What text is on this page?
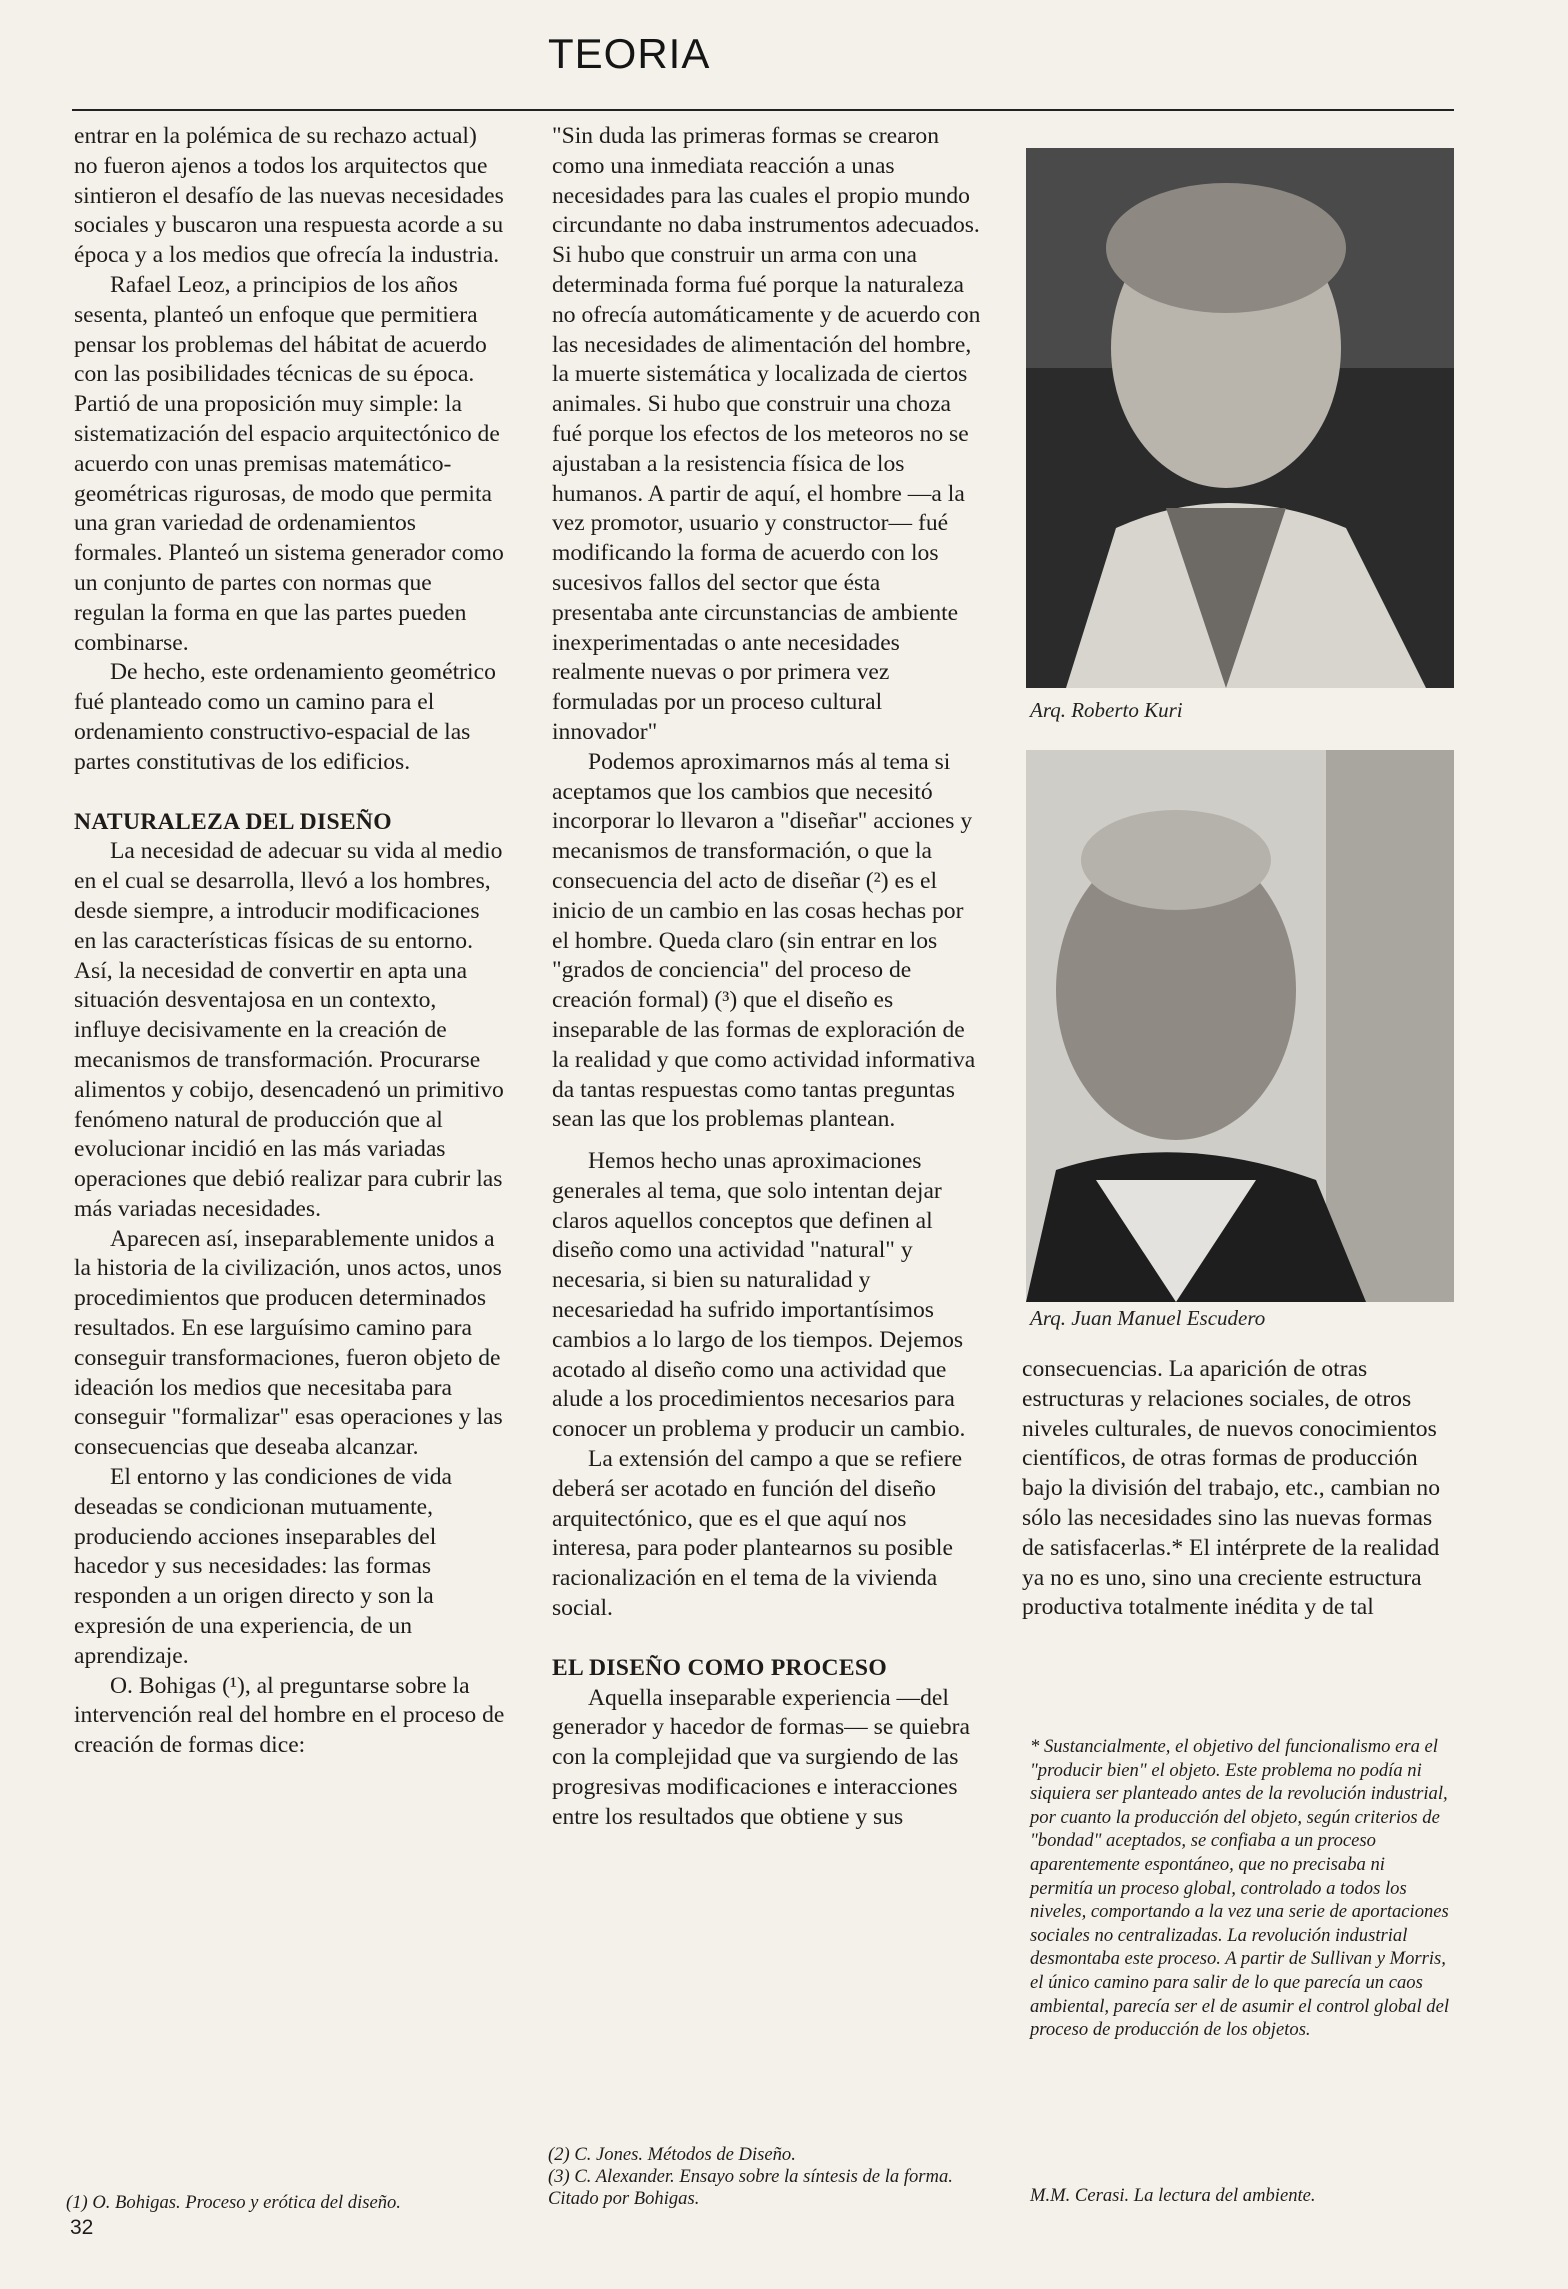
TEORIA

entrar en la polémica de su rechazo actual) no fueron ajenos a todos los arquitectos que sintieron el desafío de las nuevas necesidades sociales y buscaron una respuesta acorde a su época y a los medios que ofrecía la industria.

Rafael Leoz, a principios de los años sesenta, planteó un enfoque que permitiera pensar los problemas del hábitat de acuerdo con las posibilidades técnicas de su época. Partió de una proposición muy simple: la sistematización del espacio arquitectónico de acuerdo con unas premisas matemático-geométricas rigurosas, de modo que permita una gran variedad de ordenamientos formales. Planteó un sistema generador como un conjunto de partes con normas que regulan la forma en que las partes pueden combinarse.

De hecho, este ordenamiento geométrico fué planteado como un camino para el ordenamiento constructivo-espacial de las partes constitutivas de los edificios.

NATURALEZA DEL DISEÑO

La necesidad de adecuar su vida al medio en el cual se desarrolla, llevó a los hombres, desde siempre, a introducir modificaciones en las características físicas de su entorno. Así, la necesidad de convertir en apta una situación desventajosa en un contexto, influye decisivamente en la creación de mecanismos de transformación. Procurarse alimentos y cobijo, desencadenó un primitivo fenómeno natural de producción que al evolucionar incidió en las más variadas operaciones que debió realizar para cubrir las más variadas necesidades.

Aparecen así, inseparablemente unidos a la historia de la civilización, unos actos, unos procedimientos que producen determinados resultados. En ese larguísimo camino para conseguir transformaciones, fueron objeto de ideación los medios que necesitaba para conseguir "formalizar" esas operaciones y las consecuencias que deseaba alcanzar.

El entorno y las condiciones de vida deseadas se condicionan mutuamente, produciendo acciones inseparables del hacedor y sus necesidades: las formas responden a un origen directo y son la expresión de una experiencia, de un aprendizaje.

O. Bohigas (¹), al preguntarse sobre la intervención real del hombre en el proceso de creación de formas dice:

"Sin duda las primeras formas se crearon como una inmediata reacción a unas necesidades para las cuales el propio mundo circundante no daba instrumentos adecuados. Si hubo que construir un arma con una determinada forma fué porque la naturaleza no ofrecía automáticamente y de acuerdo con las necesidades de alimentación del hombre, la muerte sistemática y localizada de ciertos animales. Si hubo que construir una choza fué porque los efectos de los meteoros no se ajustaban a la resistencia física de los humanos. A partir de aquí, el hombre —a la vez promotor, usuario y constructor— fué modificando la forma de acuerdo con los sucesivos fallos del sector que ésta presentaba ante circunstancias de ambiente inexperimentadas o ante necesidades realmente nuevas o por primera vez formuladas por un proceso cultural innovador"

Podemos aproximarnos más al tema si aceptamos que los cambios que necesitó incorporar lo llevaron a "diseñar" acciones y mecanismos de transformación, o que la consecuencia del acto de diseñar (²) es el inicio de un cambio en las cosas hechas por el hombre. Queda claro (sin entrar en los "grados de conciencia" del proceso de creación formal) (³) que el diseño es inseparable de las formas de exploración de la realidad y que como actividad informativa da tantas respuestas como tantas preguntas sean las que los problemas plantean.

Hemos hecho unas aproximaciones generales al tema, que solo intentan dejar claros aquellos conceptos que definen al diseño como una actividad "natural" y necesaria, si bien su naturalidad y necesariedad ha sufrido importantísimos cambios a lo largo de los tiempos. Dejemos acotado al diseño como una actividad que alude a los procedimientos necesarios para conocer un problema y producir un cambio.

La extensión del campo a que se refiere deberá ser acotado en función del diseño arquitectónico, que es el que aquí nos interesa, para poder plantearnos su posible racionalización en el tema de la vivienda social.

EL DISEÑO COMO PROCESO

Aquella inseparable experiencia —del generador y hacedor de formas— se quiebra con la complejidad que va surgiendo de las progresivas modificaciones e interacciones entre los resultados que obtiene y sus

Arq. Roberto Kuri
Arq. Juan Manuel Escudero

consecuencias. La aparición de otras estructuras y relaciones sociales, de otros niveles culturales, de nuevos conocimientos científicos, de otras formas de producción bajo la división del trabajo, etc., cambian no sólo las necesidades sino las nuevas formas de satisfacerlas.* El intérprete de la realidad ya no es uno, sino una creciente estructura productiva totalmente inédita y de tal

* Sustancialmente, el objetivo del funcionalismo era el "producir bien" el objeto. Este problema no podía ni siquiera ser planteado antes de la revolución industrial, por cuanto la producción del objeto, según criterios de "bondad" aceptados, se confiaba a un proceso aparentemente espontáneo, que no precisaba ni permitía un proceso global, controlado a todos los niveles, comportando a la vez una serie de aportaciones sociales no centralizadas. La revolución industrial desmontaba este proceso. A partir de Sullivan y Morris, el único camino para salir de lo que parecía un caos ambiental, parecía ser el de asumir el control global del proceso de producción de los objetos.
M.M. Cerasi. La lectura del ambiente.
(1) O. Bohigas. Proceso y erótica del diseño.
(2) C. Jones. Métodos de Diseño.
(3) C. Alexander. Ensayo sobre la síntesis de la forma. Citado por Bohigas.
32
